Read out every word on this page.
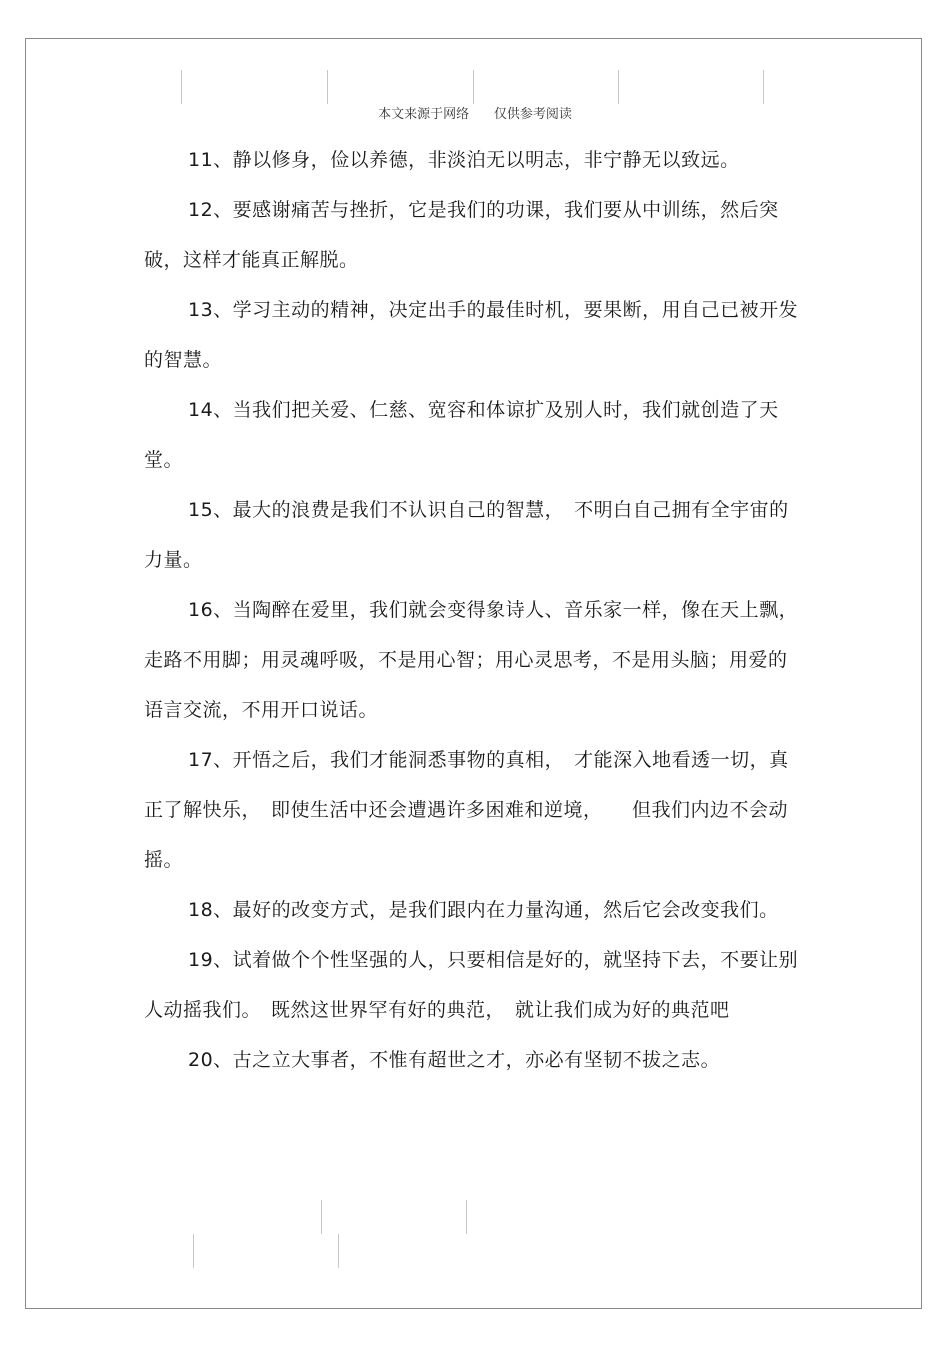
本文来源于网络      仅供参考阅读

11、静以修身，俭以养德，非淡泊无以明志，非宁静无以致远。

12、要感谢痛苦与挫折，它是我们的功课，我们要从中训练，然后突破，这样才能真正解脱。

13、学习主动的精神，决定出手的最佳时机，要果断，用自己已被开发的智慧。

14、当我们把关爱、仁慈、宽容和体谅扩及别人时，我们就创造了天堂。

15、最大的浪费是我们不认识自己的智慧，　不明白自己拥有全宇宙的力量。

16、当陶醉在爱里，我们就会变得象诗人、音乐家一样，像在天上飘，走路不用脚；用灵魂呼吸，不是用心智；用心灵思考，不是用头脑；用爱的语言交流，不用开口说话。

17、开悟之后，我们才能洞悉事物的真相，　才能深入地看透一切，真正了解快乐，　即使生活中还会遭遇许多困难和逆境，　　但我们内边不会动摇。

18、最好的改变方式，是我们跟内在力量沟通，然后它会改变我们。

19、试着做个个性坚强的人，只要相信是好的，就坚持下去，不要让别人动摇我们。　既然这世界罕有好的典范，　就让我们成为好的典范吧

20、古之立大事者，不惟有超世之才，亦必有坚韧不拔之志。
